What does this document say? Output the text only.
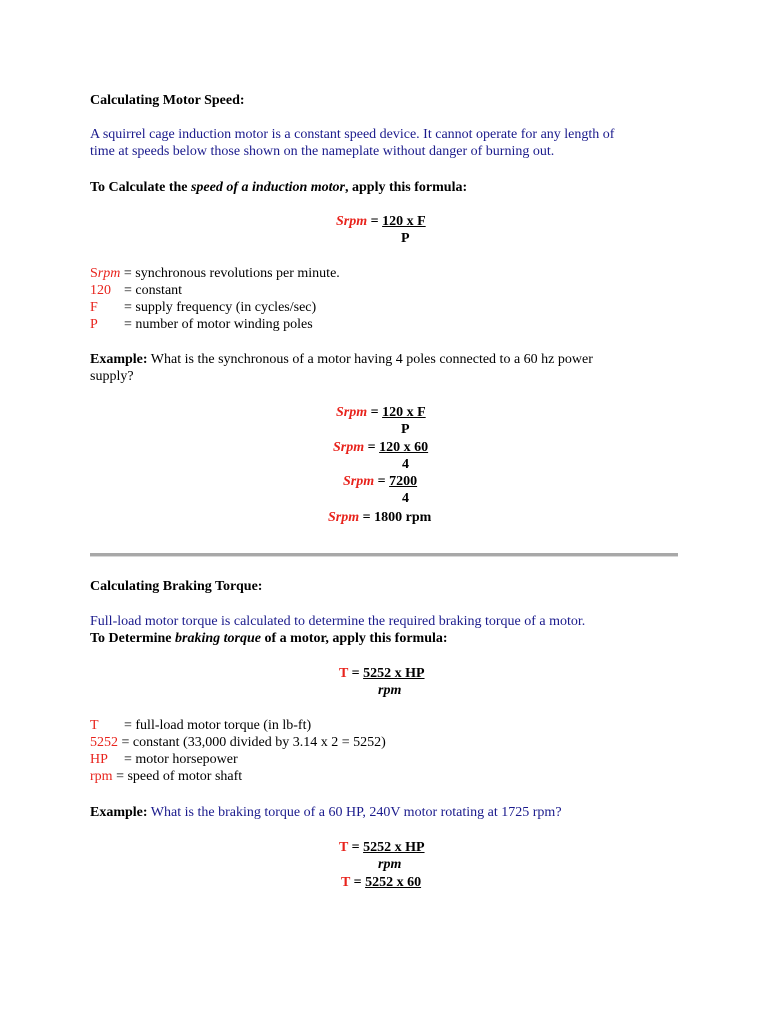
Calculating Motor Speed:
A squirrel cage induction motor is a constant speed device. It cannot operate for any length of
time at speeds below those shown on the nameplate without danger of burning out.
To Calculate the speed of a induction motor, apply this formula:
Srpm = 120 x F
P
Srpm = synchronous revolutions per minute.
120 = constant
F = supply frequency (in cycles/sec)
P = number of motor winding poles
Example: What is the synchronous of a motor having 4 poles connected to a 60 hz power
supply?
Srpm = 120 x F
P
Srpm = 120 x 60
4
Srpm = 7200
4
Srpm = 1800 rpm
Calculating Braking Torque:
Full-load motor torque is calculated to determine the required braking torque of a motor.
To Determine braking torque of a motor, apply this formula:
T = 5252 x HP
rpm
T = full-load motor torque (in lb-ft)
5252 = constant (33,000 divided by 3.14 x 2 = 5252)
HP = motor horsepower
rpm = speed of motor shaft
Example: What is the braking torque of a 60 HP, 240V motor rotating at 1725 rpm?
T = 5252 x HP
rpm
T = 5252 x 60
